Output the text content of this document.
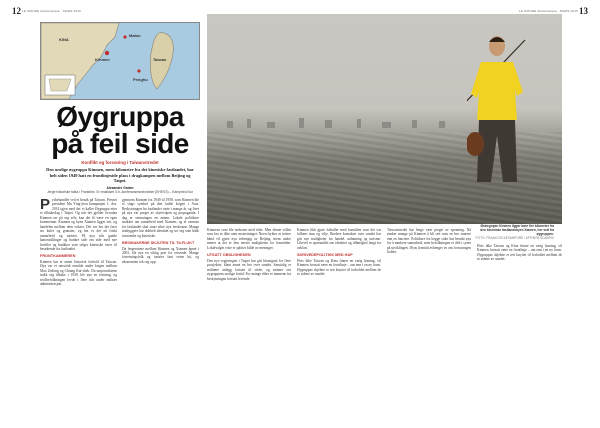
12 LE MONDE diplomatique · MARS 2015	13
LE MONDE diplomatique · MARS 2015
KINA
Kinmen	Taiwan
Matsu
Penghu
Øygruppa
på feil side
Konflikt og forsoning i Taiwanstredet
Den urolige øygruppa Kinmen, noen kilometer fra det kinesiske fastlandet, har helt siden 1949 hatt en frontlinjeside plass i dragkampen mellom Beijing og Taipei.
Alexandre Gaden
Jerge historiske fakta i Frankrike. Er redaktørt i Dr.-konferansesesfordiner (EHESS) – Kamphed-Nor

Pysbehandlet ved et besøk på Taiwan. Presset president Ma Ying-jeou kampanjen 1. des. 2014 igjen med det vi kaller Øygruppa etter et tilbakeslag i Taipei. Og når det gjelder hvordan Kinmen ser på seg selv, kan det få være en egen kommentar. Kinmen og byen Xiamen ligger tett, og handelen mellom dem vokser. Det var her det først sto kuler og granater, og her er det nå friskt samarbeid og turister. På øya står gamle kanonstillinger og bunkre side om side med nye hoteller og butikker som selger kinesiske varer til besøkende fra fastlandet.

FRONTKAMMEREN

Kinmen har et annet historisk forhold til Taiwan. Øya var et omstridt område under krigen mellom Mao Zedong og Chiang Kai-shek. Da nasjonalistene trakk seg tilbake i 1949, ble øya en festning, og sivilbefolkningen levde i flere tiår under militær administrasjon.

gjennom Kinmen fra 1949 til 1958, som Kinmen ble et slags symbol på den kalde krigen i Asia. Beskytningen fra fastlandet varte i mange år, og livet på øya var preget av skytevåpen og propaganda. I dag er stemningen en annen. Lokale politikere snakker om samarbeid med Xiamen, og et vannrør fra fastlandet skal snart sikre øya ferskvann. Mange innbyggere har dobbelt identitet og ser seg som både taiwanske og kinesiske.

BROMAKERNE SKJUTEN TIL TILFLUKT

Da fergerutene mellom Kinmen og Xiamen åpnet i 2001, ble øya en viktig port for reisende. Mange forretningsfolk og turister fant veien hit, og økonomien tok seg opp.

Østregnpen Kinmen ligger bare fire kilometer fra den kinesiske fastlandsbyen Xiamen, her sett fra øygruppen.
FOTO: FRANCOIS KEVANPORE / AFP/NTB SCANPIX

Kinmens svaz ble nedtonet med tider. Men denne rollen som bro er ikke uten motsetninger. Noen frykter at tettere bånd vil gjøre øya avhengig av Beijing, mens andre mener at det er den eneste muligheten for framtiden. Lokalvalget viste et splittet bilde av meninger.

UTSATT OBSLIGHEDEN

Den nye regjeringen i Taipei har gitt klarsignal for flere prosjekter, blant annet en bro over sundet. Samtidig er militære anlegg fortsatt til stede, og minner om øygruppens urolige fortid. For mange eldre er minnene fra beskytningen fortsatt levende.

Kinmen fikk gjøre fotballer med fasmilien som det var folkens sinn og vilje. Bredere kontakter over sundet har gitt nye muligheter for handel, utdanning og turisme. Likevel er spørsmålet om identitet og tilhørighet langt fra avklart.

SKRIVEDEPOLITIKK MED HAP

Hvis ikke Taiwan og Kina finner en varig løsning, vil Kinmen fortsatt være en frontlinje – om enn i en ny form. Øygruppas skjebne er tett knyttet til forholdet mellom de to sidene av sundet.

Taiwanstredet har lenge vært preget av spenning. Nå ønsker mange på Kinmen å bli sett som en bro snarere enn en barriere. Politikere fra begge sider har besøkt øya for å markere samarbeid, men befolkningen er delt i synet på utviklingen. Øyas framtid avhenger av om forsoningen holder.

Hvis ikke Taiwan og Kina finner en varig løsning, vil Kinmen fortsatt være en frontlinje – om enn i en ny form. Øygruppas skjebne er tett knyttet til forholdet mellom de to sidene av sundet.
